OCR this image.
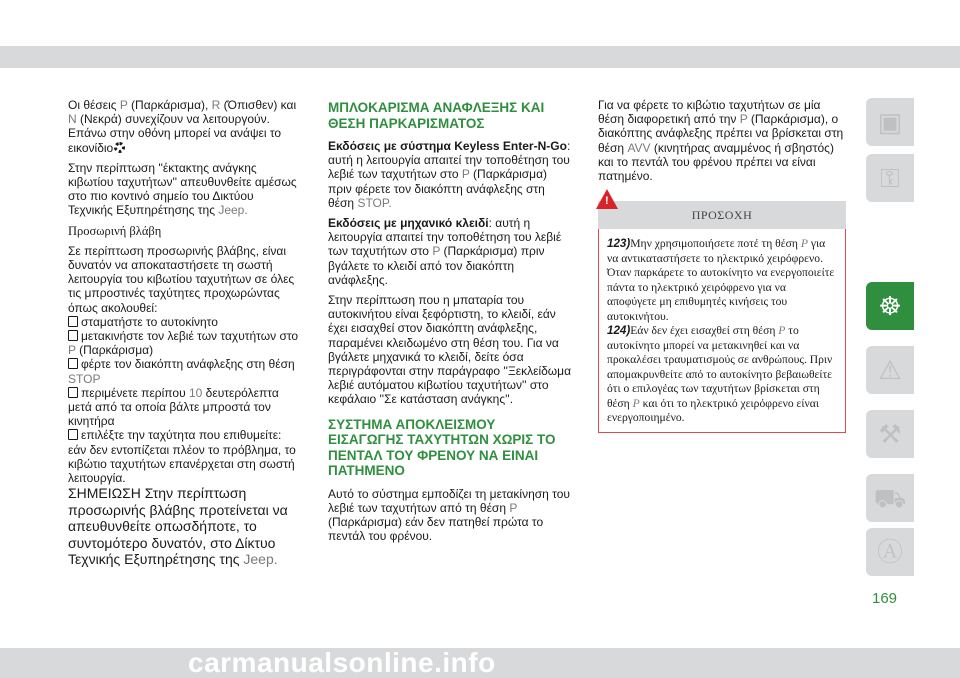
Οι θέσεις P (Παρκάρισμα), R (Όπισθεν) και N (Νεκρά) συνεχίζουν να λειτουργούν. Επάνω στην οθόνη μπορεί να ανάψει το εικονίδιο

Στην περίπτωση ''έκτακτης ανάγκης κιβωτίου ταχυτήτων'' απευθυνθείτε αμέσως στο πιο κοντινό σημείο του Δικτύου Τεχνικής Εξυπηρέτησης της Jeep.

Προσωρινή βλάβη

Σε περίπτωση προσωρινής βλάβης, είναι δυνατόν να αποκαταστήσετε τη σωστή λειτουργία του κιβωτίου ταχυτήτων σε όλες τις μπροστινές ταχύτητες προχωρώντας όπως ακολουθεί:

σταματήστε το αυτοκίνητο
μετακινήστε τον λεβιέ των ταχυτήτων στο P (Παρκάρισμα)
φέρτε τον διακόπτη ανάφλεξης στη θέση STOP
περιμένετε περίπου 10 δευτερόλεπτα μετά από τα οποία βάλτε μπροστά τον κινητήρα
επιλέξτε την ταχύτητα που επιθυμείτε: εάν δεν εντοπίζεται πλέον το πρόβλημα, το κιβώτιο ταχυτήτων επανέρχεται στη σωστή λειτουργία.

ΣΗΜΕΙΩΣΗ Στην περίπτωση προσωρινής βλάβης προτείνεται να απευθυνθείτε οπωσδήποτε, το συντομότερο δυνατόν, στο Δίκτυο Τεχνικής Εξυπηρέτησης της Jeep.

ΜΠΛΟΚΑΡΙΣΜΑ ΑΝΑΦΛΕΞΗΣ ΚΑΙ ΘΕΣΗ ΠΑΡΚΑΡΙΣΜΑΤΟΣ

Εκδόσεις με σύστημα Keyless Enter-N-Go: αυτή η λειτουργία απαιτεί την τοποθέτηση του λεβιέ των ταχυτήτων στο P (Παρκάρισμα) πριν φέρετε τον διακόπτη ανάφλεξης στη θέση STOP.

Εκδόσεις με μηχανικό κλειδί: αυτή η λειτουργία απαιτεί την τοποθέτηση του λεβιέ των ταχυτήτων στο P (Παρκάρισμα) πριν βγάλετε το κλειδί από τον διακόπτη ανάφλεξης.

Στην περίπτωση που η μπαταρία του αυτοκινήτου είναι ξεφόρτιστη, το κλειδί, εάν έχει εισαχθεί στον διακόπτη ανάφλεξης, παραμένει κλειδωμένο στη θέση του. Για να βγάλετε μηχανικά το κλειδί, δείτε όσα περιγράφονται στην παράγραφο ''Ξεκλείδωμα λεβιέ αυτόματου κιβωτίου ταχυτήτων'' στο κεφάλαιο ''Σε κατάσταση ανάγκης''.

ΣΥΣΤΗΜΑ ΑΠΟΚΛΕΙΣΜΟΥ ΕΙΣΑΓΩΓΗΣ ΤΑΧΥΤΗΤΩΝ ΧΩΡΙΣ ΤΟ ΠΕΝΤΑΛ ΤΟΥ ΦΡΕΝΟΥ ΝΑ ΕΙΝΑΙ ΠΑΤΗΜΕΝΟ

Αυτό το σύστημα εμποδίζει τη μετακίνηση του λεβιέ των ταχυτήτων από τη θέση P (Παρκάρισμα) εάν δεν πατηθεί πρώτα το πεντάλ του φρένου.

Για να φέρετε το κιβώτιο ταχυτήτων σε μία θέση διαφορετική από την P (Παρκάρισμα), ο διακόπτης ανάφλεξης πρέπει να βρίσκεται στη θέση AVV (κινητήρας αναμμένος ή σβηστός) και το πεντάλ του φρένου πρέπει να είναι πατημένο.

!
ΠΡΟΣΟΧΗ

123)Μην χρησιμοποιήσετε ποτέ τη θέση P για να αντικαταστήσετε το ηλεκτρικό χειρόφρενο. Όταν παρκάρετε το αυτοκίνητο να ενεργοποιείτε πάντα το ηλεκτρικό χειρόφρενο για να αποφύγετε μη επιθυμητές κινήσεις του αυτοκινήτου.

124)Εάν δεν έχει εισαχθεί στη θέση P το αυτοκίνητο μπορεί να μετακινηθεί και να προκαλέσει τραυματισμούς σε ανθρώπους. Πριν απομακρυνθείτε από το αυτοκίνητο βεβαιωθείτε ότι ο επιλογέας των ταχυτήτων βρίσκεται στη θέση P και ότι το ηλεκτρικό χειρόφρενο είναι ενεργοποιημένο.

▣
⚿
☸
⚠
⚒
⛟
Ⓐ
169
carmanualsonline.info
